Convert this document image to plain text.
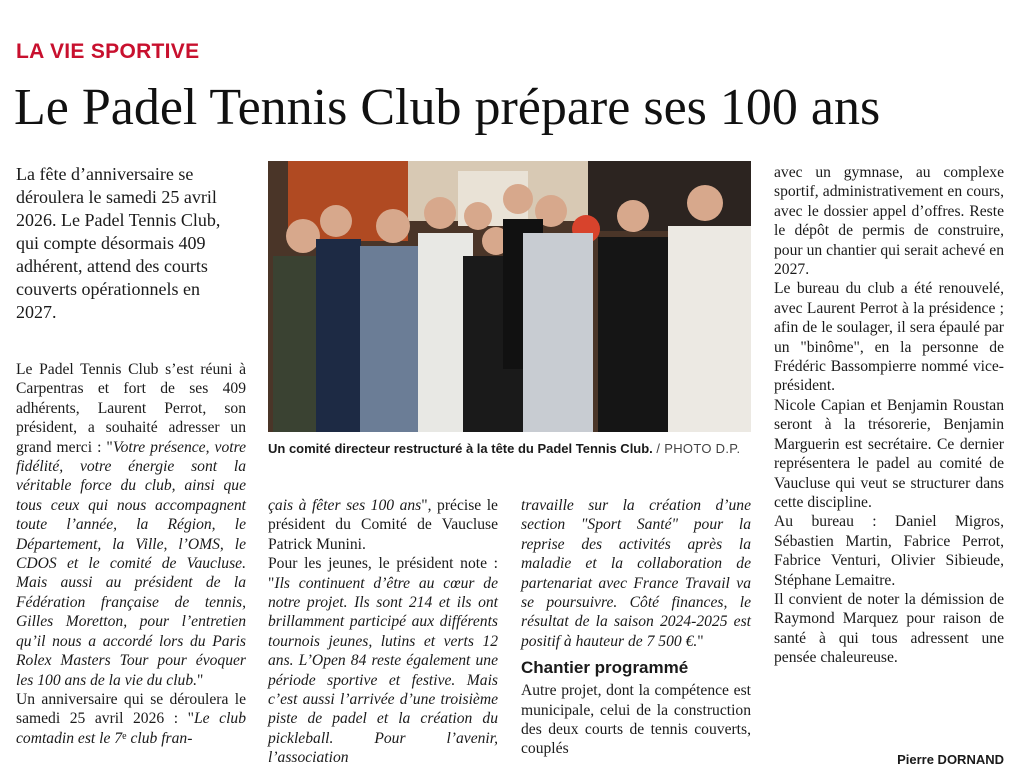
LA VIE SPORTIVE
Le Padel Tennis Club prépare ses 100 ans

La fête d’anniversaire se déroulera le samedi 25 avril 2026. Le Padel Tennis Club, qui compte désormais 409 adhérent, attend des courts couverts opérationnels en 2027.

Un comité directeur restructuré à la tête du Padel Tennis Club. / PHOTO D.P.

Le Padel Tennis Club s’est réuni à Carpentras et fort de ses 409 adhérents, Laurent Perrot, son président, a souhaité adresser un grand merci : "Votre présence, votre fidélité, votre énergie sont la véritable force du club, ainsi que tous ceux qui nous accompagnent toute l’année, la Région, le Département, la Ville, l’OMS, le CDOS et le comité de Vaucluse. Mais aussi au président de la Fédération française de tennis, Gilles Moretton, pour l’entretien qu’il nous a accordé lors du Paris Rolex Masters Tour pour évoquer les 100 ans de la vie du club."

Un anniversaire qui se déroulera le samedi 25 avril 2026 : "Le club comtadin est le 7e club fran-

çais à fêter ses 100 ans", précise le président du Comité de Vaucluse Patrick Munini.

Pour les jeunes, le président note : "Ils continuent d’être au cœur de notre projet. Ils sont 214 et ils ont brillamment participé aux différents tournois jeunes, lutins et verts 12 ans. L’Open 84 reste également une période sportive et festive. Mais c’est aussi l’arrivée d’une troisième piste de padel et la création du pickleball. Pour l’avenir, l’association

travaille sur la création d’une section "Sport Santé" pour la reprise des activités après la maladie et la collaboration de partenariat avec France Travail va se poursuivre. Côté finances, le résultat de la saison 2024-2025 est positif à hauteur de 7 500 €."

Chantier programmé

Autre projet, dont la compétence est municipale, celui de la construction des deux courts de tennis couverts, couplés

avec un gymnase, au complexe sportif, administrativement en cours, avec le dossier appel d’offres. Reste le dépôt de permis de construire, pour un chantier qui serait achevé en 2027.

Le bureau du club a été renouvelé, avec Laurent Perrot à la présidence ; afin de le soulager, il sera épaulé par un "binôme", en la personne de Frédéric Bassompierre nommé vice-président.

Nicole Capian et Benjamin Roustan seront à la trésorerie, Benjamin Marguerin est secrétaire. Ce dernier représentera le padel au comité de Vaucluse qui veut se structurer dans cette discipline.

Au bureau : Daniel Migros, Sébastien Martin, Fabrice Perrot, Fabrice Venturi, Olivier Sibieude, Stéphane Lemaitre.

Il convient de noter la démission de Raymond Marquez pour raison de santé à qui tous adressent une pensée chaleureuse.

Pierre DORNAND
